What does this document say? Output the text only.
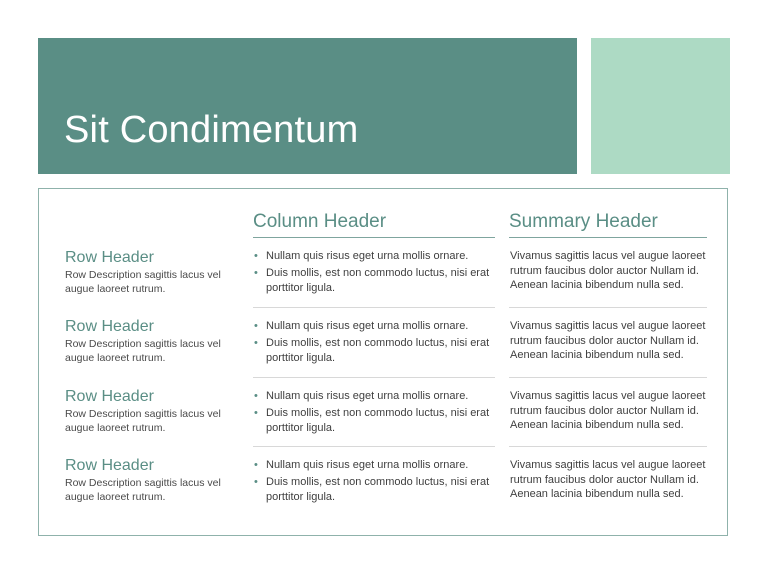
Sit Condimentum
Column Header	Summary Header
Row Header
Row Description sagittis lacus vel augue laoreet rutrum.
• Nullam quis risus eget urna mollis ornare.
• Duis mollis, est non commodo luctus, nisi erat porttitor ligula.
Vivamus sagittis lacus vel augue laoreet rutrum faucibus dolor auctor Nullam id. Aenean lacinia bibendum nulla sed.
Row Header
Row Description sagittis lacus vel augue laoreet rutrum.
• Nullam quis risus eget urna mollis ornare.
• Duis mollis, est non commodo luctus, nisi erat porttitor ligula.
Vivamus sagittis lacus vel augue laoreet rutrum faucibus dolor auctor Nullam id. Aenean lacinia bibendum nulla sed.
Row Header
Row Description sagittis lacus vel augue laoreet rutrum.
• Nullam quis risus eget urna mollis ornare.
• Duis mollis, est non commodo luctus, nisi erat porttitor ligula.
Vivamus sagittis lacus vel augue laoreet rutrum faucibus dolor auctor Nullam id. Aenean lacinia bibendum nulla sed.
Row Header
Row Description sagittis lacus vel augue laoreet rutrum.
• Nullam quis risus eget urna mollis ornare.
• Duis mollis, est non commodo luctus, nisi erat porttitor ligula.
Vivamus sagittis lacus vel augue laoreet rutrum faucibus dolor auctor Nullam id. Aenean lacinia bibendum nulla sed.
